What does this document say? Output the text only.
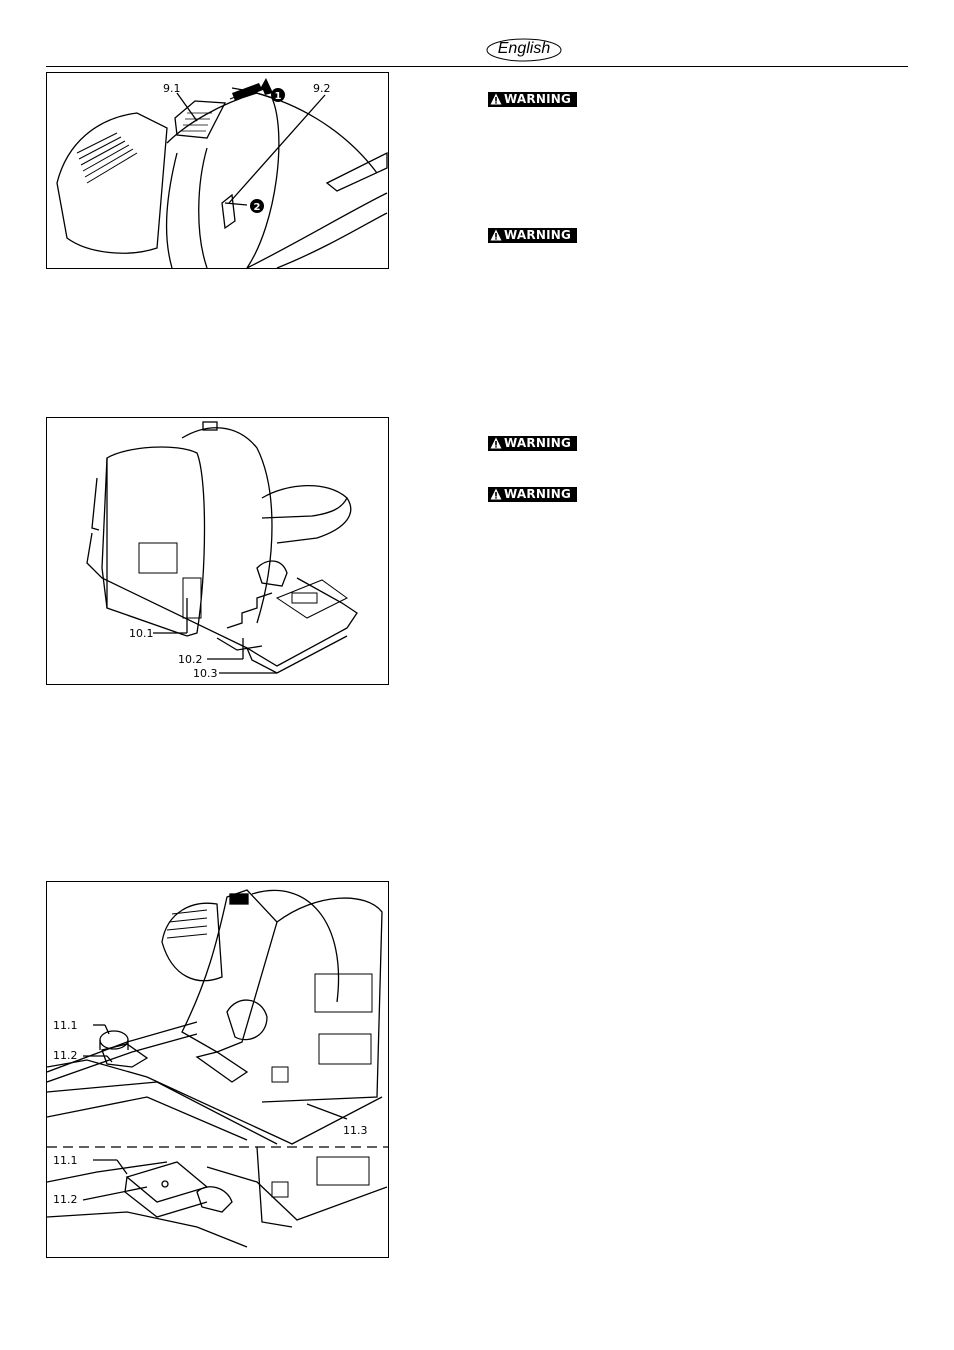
English
1
2
9.1	9.2
10.1
10.2
10.3
11.1
11.2
11.3
11.1
11.2
WARNING
WARNING
WARNING
WARNING
